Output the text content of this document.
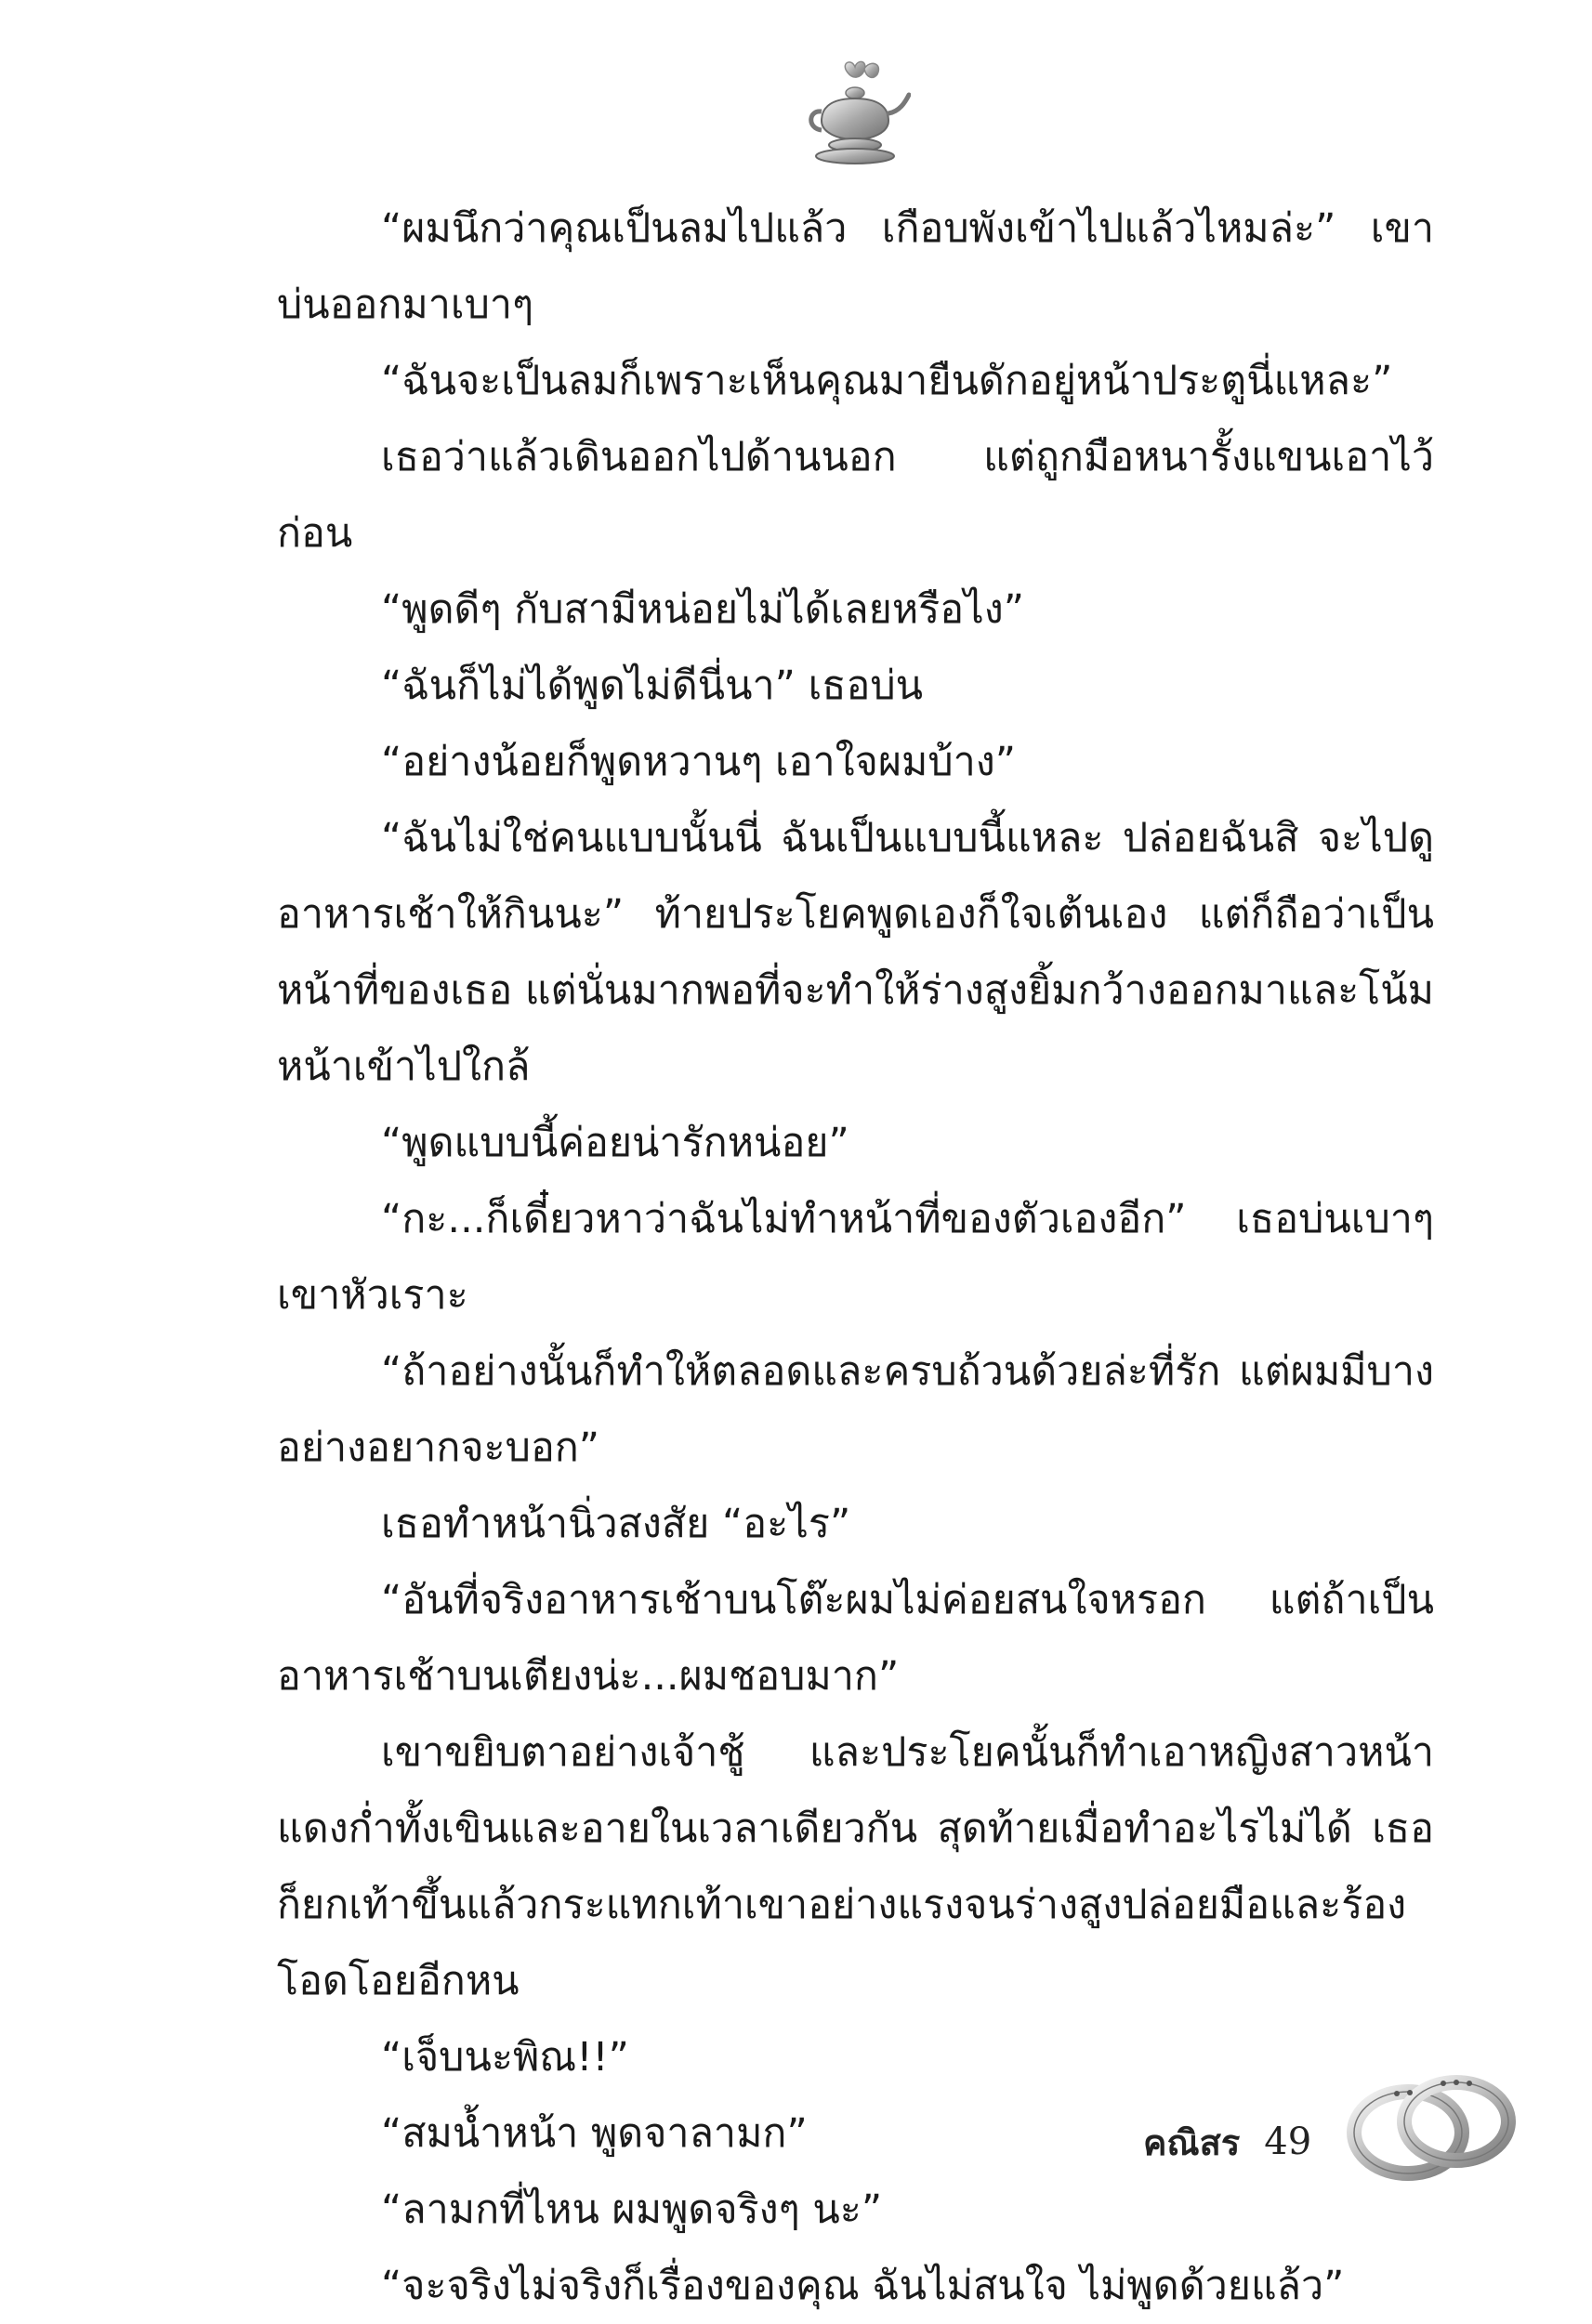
“ผมนึกว่าคุณเป็นลมไปแล้ว เกือบพังเข้าไปแล้วไหมล่ะ” เขาบ่นออกมาเบาๆ

“ฉันจะเป็นลมก็เพราะเห็นคุณมายืนดักอยู่หน้าประตูนี่แหละ”

เธอว่าแล้วเดินออกไปด้านนอก แต่ถูกมือหนารั้งแขนเอาไว้ก่อน

“พูดดีๆ กับสามีหน่อยไม่ได้เลยหรือไง”

“ฉันก็ไม่ได้พูดไม่ดีนี่นา” เธอบ่น

“อย่างน้อยก็พูดหวานๆ เอาใจผมบ้าง”

“ฉันไม่ใช่คนแบบนั้นนี่ ฉันเป็นแบบนี้แหละ ปล่อยฉันสิ จะไปดูอาหารเช้าให้กินนะ” ท้ายประโยคพูดเองก็ใจเต้นเอง แต่ก็ถือว่าเป็นหน้าที่ของเธอ แต่นั่นมากพอที่จะทำให้ร่างสูงยิ้มกว้างออกมาและโน้มหน้าเข้าไปใกล้

“พูดแบบนี้ค่อยน่ารักหน่อย”

“กะ...ก็เดี๋ยวหาว่าฉันไม่ทำหน้าที่ของตัวเองอีก” เธอบ่นเบาๆ เขาหัวเราะ

“ถ้าอย่างนั้นก็ทำให้ตลอดและครบถ้วนด้วยล่ะที่รัก แต่ผมมีบางอย่างอยากจะบอก”

เธอทำหน้านิ่วสงสัย “อะไร”

“อันที่จริงอาหารเช้าบนโต๊ะผมไม่ค่อยสนใจหรอก แต่ถ้าเป็นอาหารเช้าบนเตียงน่ะ...ผมชอบมาก”

เขาขยิบตาอย่างเจ้าชู้ และประโยคนั้นก็ทำเอาหญิงสาวหน้าแดงก่ำทั้งเขินและอายในเวลาเดียวกัน สุดท้ายเมื่อทำอะไรไม่ได้ เธอก็ยกเท้าขึ้นแล้วกระแทกเท้าเขาอย่างแรงจนร่างสูงปล่อยมือและร้องโอดโอยอีกหน

“เจ็บนะพิณ!!”

“สมน้ำหน้า พูดจาลามก”

“ลามกที่ไหน ผมพูดจริงๆ นะ”

“จะจริงไม่จริงก็เรื่องของคุณ ฉันไม่สนใจ ไม่พูดด้วยแล้ว”

คณิสร 49
